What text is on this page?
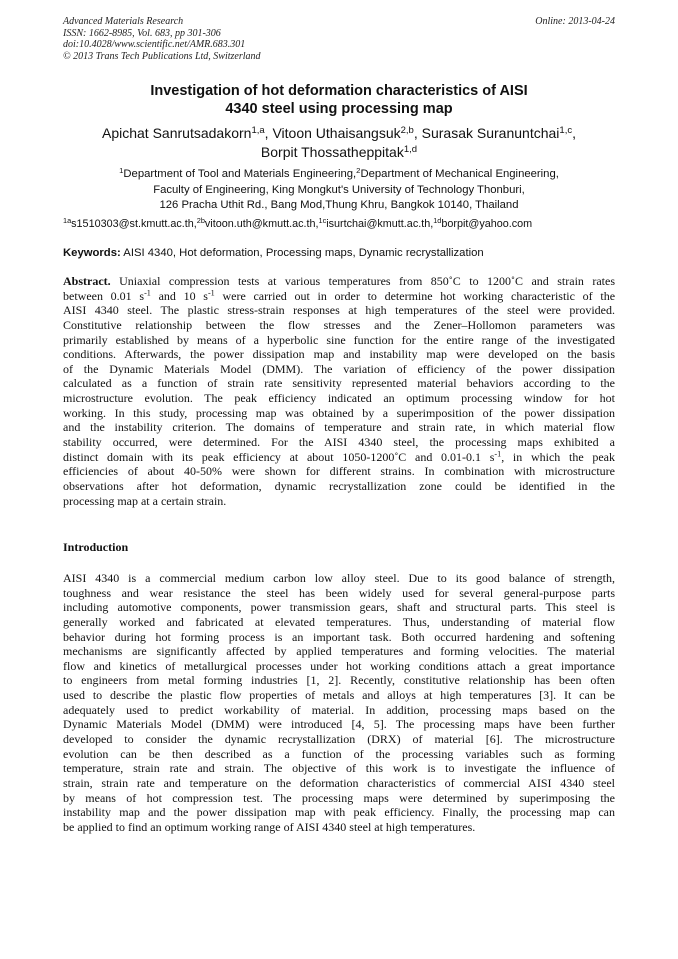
Advanced Materials Research
ISSN: 1662-8985, Vol. 683, pp 301-306
doi:10.4028/www.scientific.net/AMR.683.301
© 2013 Trans Tech Publications Ltd, Switzerland
Online: 2013-04-24
Investigation of hot deformation characteristics of AISI
4340 steel using processing map
Apichat Sanrutsadakorn$^{1,a}$, Vitoon Uthaisangsuk$^{2,b}$, Surasak Suranuntchai$^{1,c}$,
Borpit Thossatheppitak$^{1,d}$
$^1$Department of Tool and Materials Engineering,$^2$Department of Mechanical Engineering,
Faculty of Engineering, King Mongkut's University of Technology Thonburi,
126 Pracha Uthit Rd., Bang Mod,Thung Khru, Bangkok 10140, Thailand
$^{1a}$s1510303@st.kmutt.ac.th,$^{2b}$vitoon.uth@kmutt.ac.th,$^{1c}$isurtchai@kmutt.ac.th,$^{1d}$borpit@yahoo.com
Keywords: AISI 4340, Hot deformation, Processing maps, Dynamic recrystallization
Abstract. Uniaxial compression tests at various temperatures from 850˚C to 1200˚C and strain rates
between 0.01 $s^{-1}$ and 10 $s^{-1}$ were carried out in order to determine hot working characteristic of the
AISI 4340 steel. The plastic stress-strain responses at high temperatures of the steel were provided.
Constitutive relationship between the flow stresses and the Zener–Hollomon parameters was
primarily established by means of a hyperbolic sine function for the entire range of the investigated
conditions. Afterwards, the power dissipation map and instability map were developed on the basis
of the Dynamic Materials Model (DMM). The variation of efficiency of the power dissipation
calculated as a function of strain rate sensitivity represented material behaviors according to the
microstructure evolution. The peak efficiency indicated an optimum processing window for hot
working. In this study, processing map was obtained by a superimposition of the power dissipation
and the instability criterion. The domains of temperature and strain rate, in which material flow
stability occurred, were determined. For the AISI 4340 steel, the processing maps exhibited a
distinct domain with its peak efficiency at about 1050-1200˚C and 0.01-0.1 $s^{-1}$, in which the peak
efficiencies of about 40-50% were shown for different strains. In combination with microstructure
observations after hot deformation, dynamic recrystallization zone could be identified in the
processing map at a certain strain.
Introduction
AISI 4340 is a commercial medium carbon low alloy steel. Due to its good balance of strength,
toughness and wear resistance the steel has been widely used for several general-purpose parts
including automotive components, power transmission gears, shaft and structural parts. This steel is
generally worked and fabricated at elevated temperatures. Thus, understanding of material flow
behavior during hot forming process is an important task. Both occurred hardening and softening
mechanisms are significantly affected by applied temperatures and forming velocities. The material
flow and kinetics of metallurgical processes under hot working conditions attach a great importance
to engineers from metal forming industries [1, 2]. Recently, constitutive relationship has been often
used to describe the plastic flow properties of metals and alloys at high temperatures [3]. It can be
adequately used to predict workability of material. In addition, processing maps based on the
Dynamic Materials Model (DMM) were introduced [4, 5]. The processing maps have been further
developed to consider the dynamic recrystallization (DRX) of material [6]. The microstructure
evolution can be then described as a function of the processing variables such as forming
temperature, strain rate and strain. The objective of this work is to investigate the influence of
strain, strain rate and temperature on the deformation characteristics of commercial AISI 4340 steel
by means of hot compression test. The processing maps were determined by superimposing the
instability map and the power dissipation map with peak efficiency. Finally, the processing map can
be applied to find an optimum working range of AISI 4340 steel at high temperatures.
